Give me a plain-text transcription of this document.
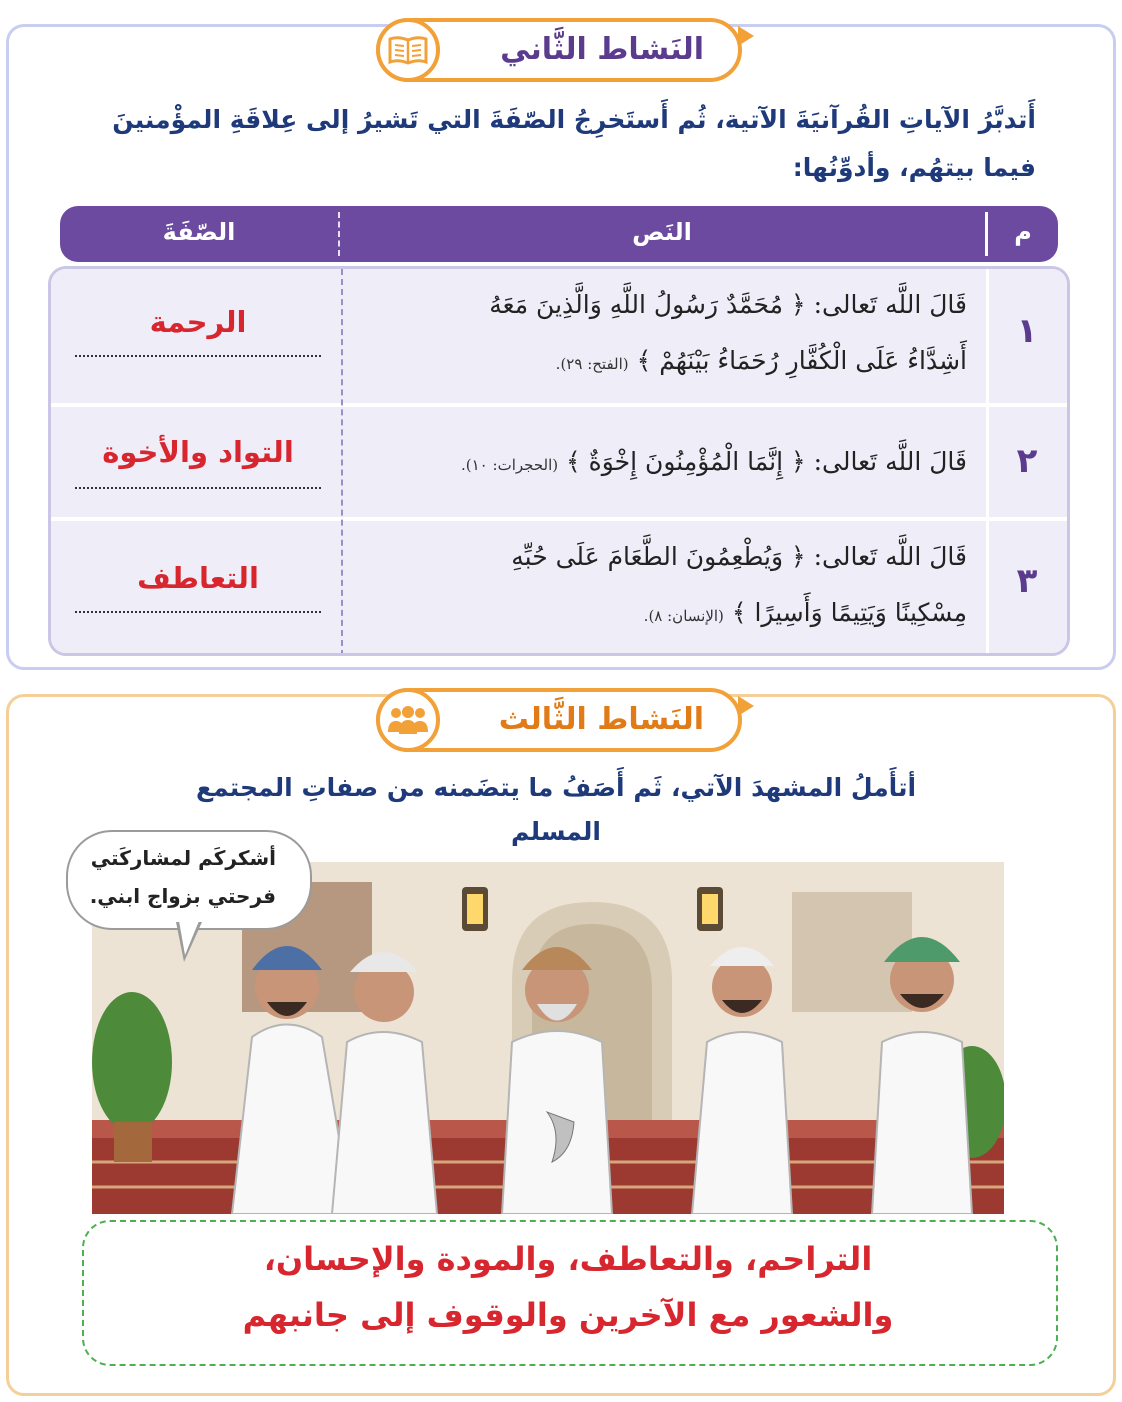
النَشاط الثَّاني
أَتدبَّرُ الآياتِ القُرآنيَةَ الآتية، ثُم أَستَخرِجُ الصّفَةَ التي تَشيرُ إلى عِلاقَةِ المؤْمنينَ
فيما بيتهُم، وأدوِّنُها:
م
النَص
الصّفَةَ
١
قَالَ اللَّه تَعالى: ﴿ مُحَمَّدٌ رَسُولُ اللَّهِ وَالَّذِينَ مَعَهُ
أَشِدَّاءُ عَلَى الْكُفَّارِ رُحَمَاءُ بَيْنَهُمْ ﴾ (الفتح: ٢٩).
الرحمة
٢
قَالَ اللَّه تَعالى: ﴿ إِنَّمَا الْمُؤْمِنُونَ إِخْوَةٌ ﴾ (الحجرات: ١٠).
التواد والأخوة
٣
قَالَ اللَّه تَعالى: ﴿ وَيُطْعِمُونَ الطَّعَامَ عَلَى حُبِّهِ
مِسْكِينًا وَيَتِيمًا وَأَسِيرًا ﴾ (الإنسان: ٨).
التعاطف
النَشاط الثَّالث
أتأَملُ المشهدَ الآتي، ثَم أَصَفُ ما يتضَمنه من صفاتِ المجتمع المسلم
أشكركَم لمشاركَتي
فرحتي بزواج ابني.
التراحم، والتعاطف، والمودة والإحسان،
والشعور مع الآخرين والوقوف إلى جانبهم
